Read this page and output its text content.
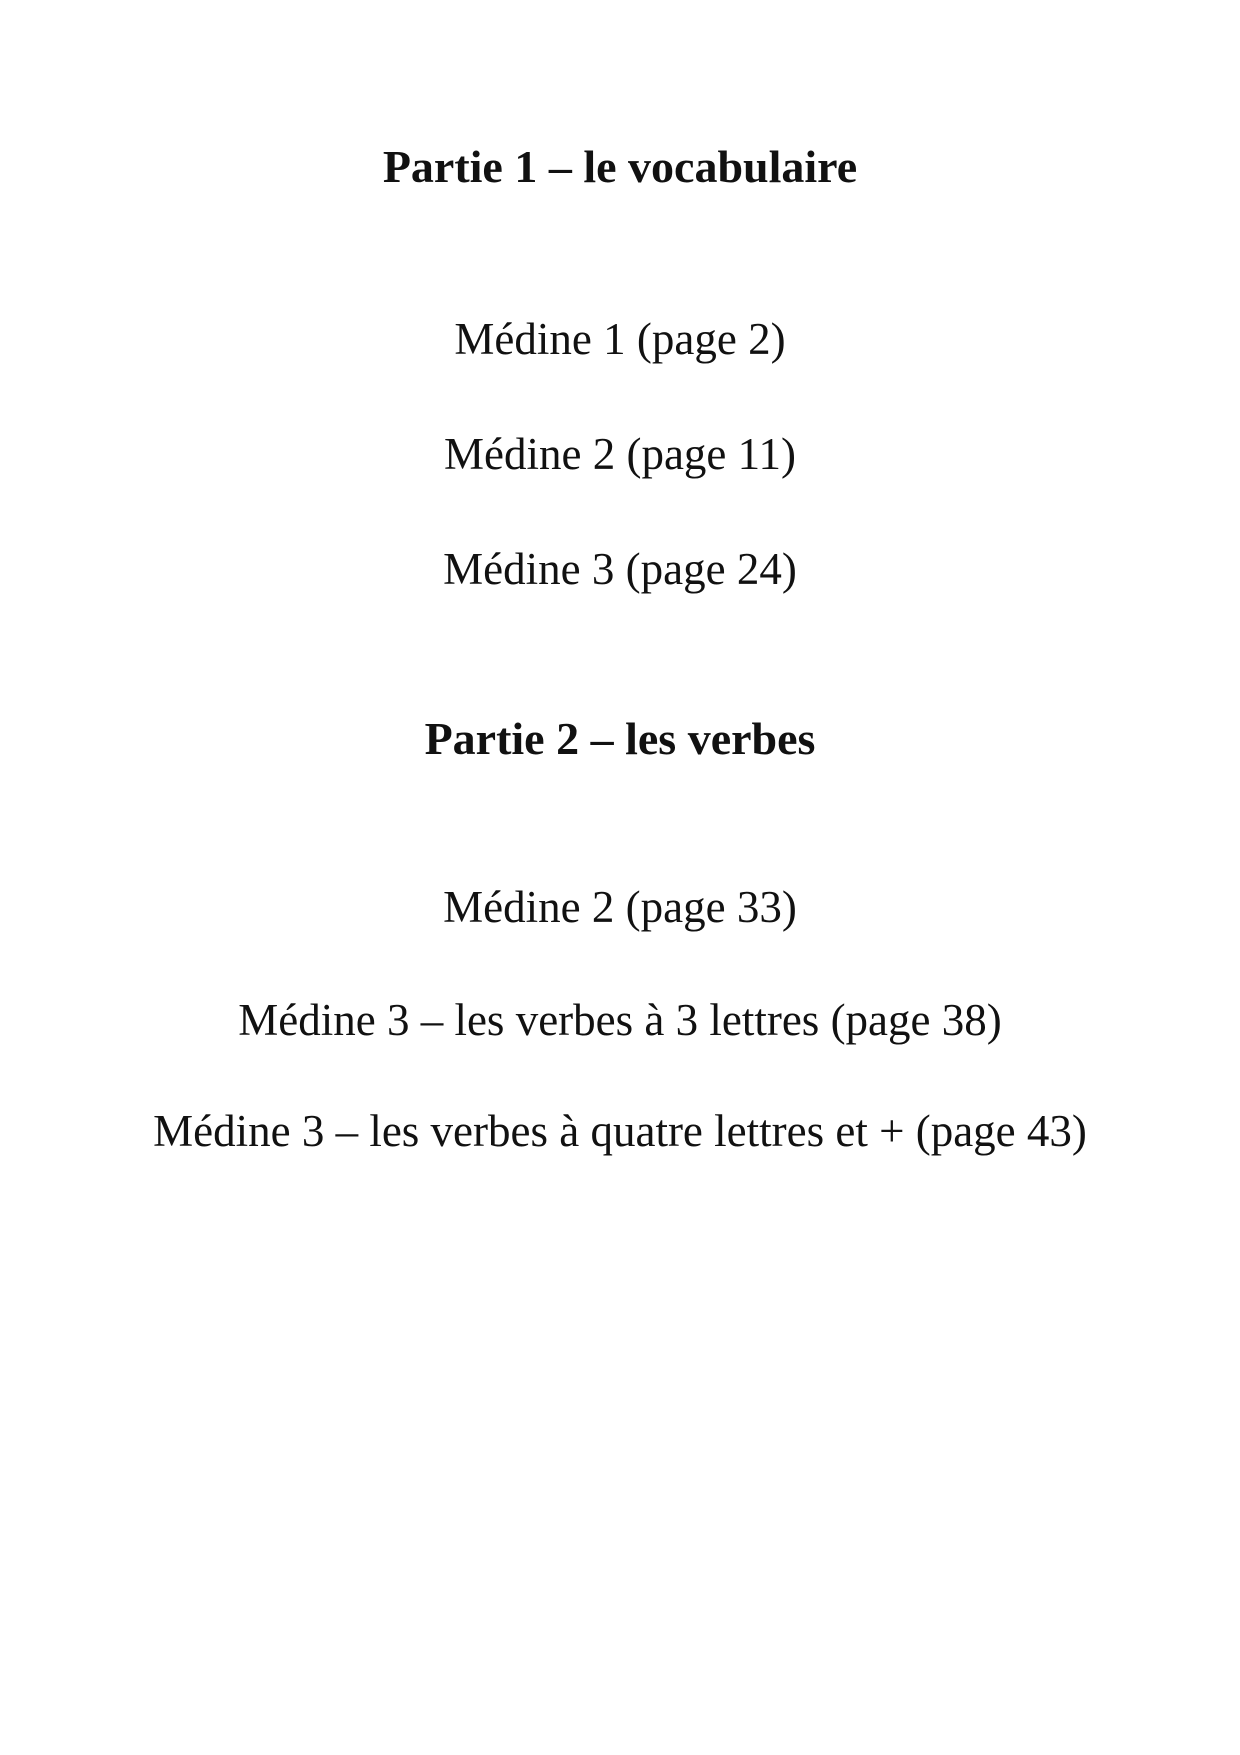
Partie 1 – le vocabulaire
Médine 1 (page 2)
Médine 2 (page 11)
Médine 3 (page 24)
Partie 2 – les verbes
Médine 2 (page 33)
Médine 3 – les verbes à 3 lettres (page 38)
Médine 3 – les verbes à quatre lettres et + (page 43)
